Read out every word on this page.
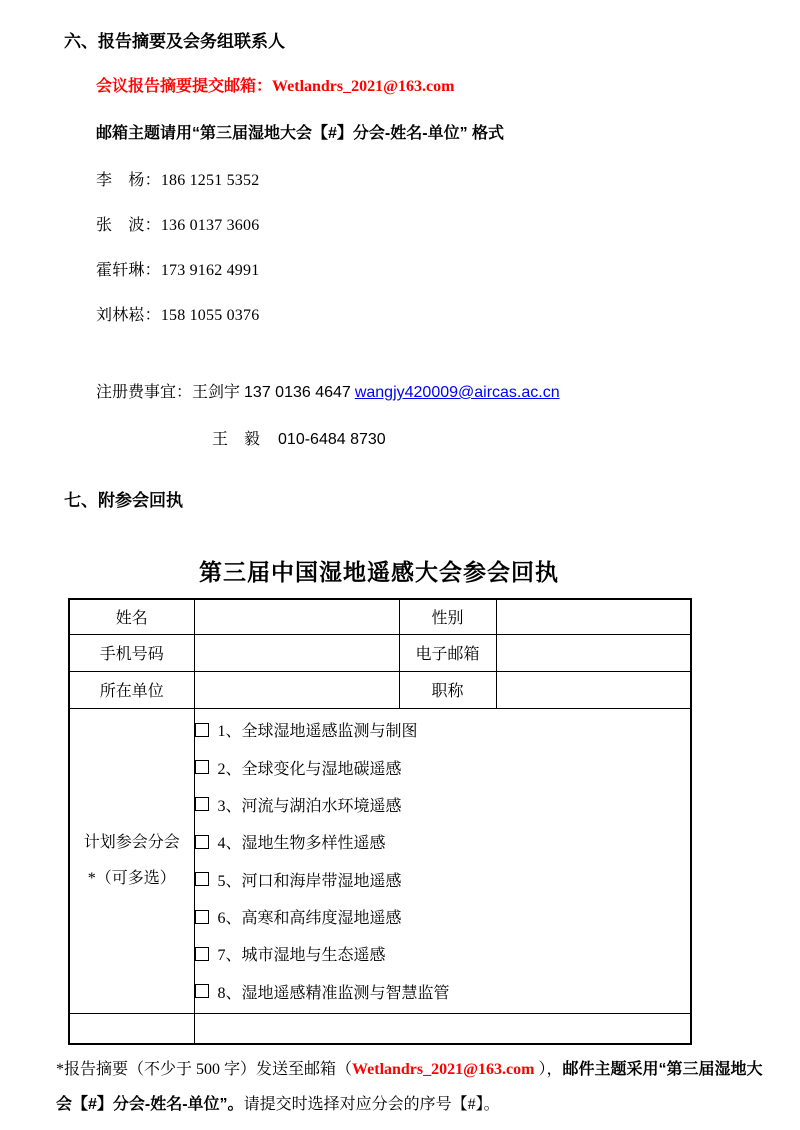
六、报告摘要及会务组联系人
会议报告摘要提交邮箱：Wetlandrs_2021@163.com
邮箱主题请用“第三届湿地大会【#】分会-姓名-单位” 格式
李　杨：186 1251 5352
张　波：136 0137 3606
霍轩琳：173 9162 4991
刘林崧：158 1055 0376
注册费事宜：王剑宇 137 0136 4647 wangjy420009@aircas.ac.cn
王　毅 010-6484 8730
七、附参会回执
第三届中国湿地遥感大会参会回执
姓名		性别	
手机号码		电子邮箱	
所在单位		职称	

计划参会分会
*（可多选）

1、全球湿地遥感监测与制图
2、全球变化与湿地碳遥感
3、河流与湖泊水环境遥感
4、湿地生物多样性遥感
5、河口和海岸带湿地遥感
6、高寒和高纬度湿地遥感
7、城市湿地与生态遥感
8、湿地遥感精准监测与智慧监管

*报告摘要（不少于 500 字）发送至邮箱（Wetlandrs_2021@163.com ），邮件主题采用“第三届湿地大会【#】分会-姓名-单位”。请提交时选择对应分会的序号【#】。
